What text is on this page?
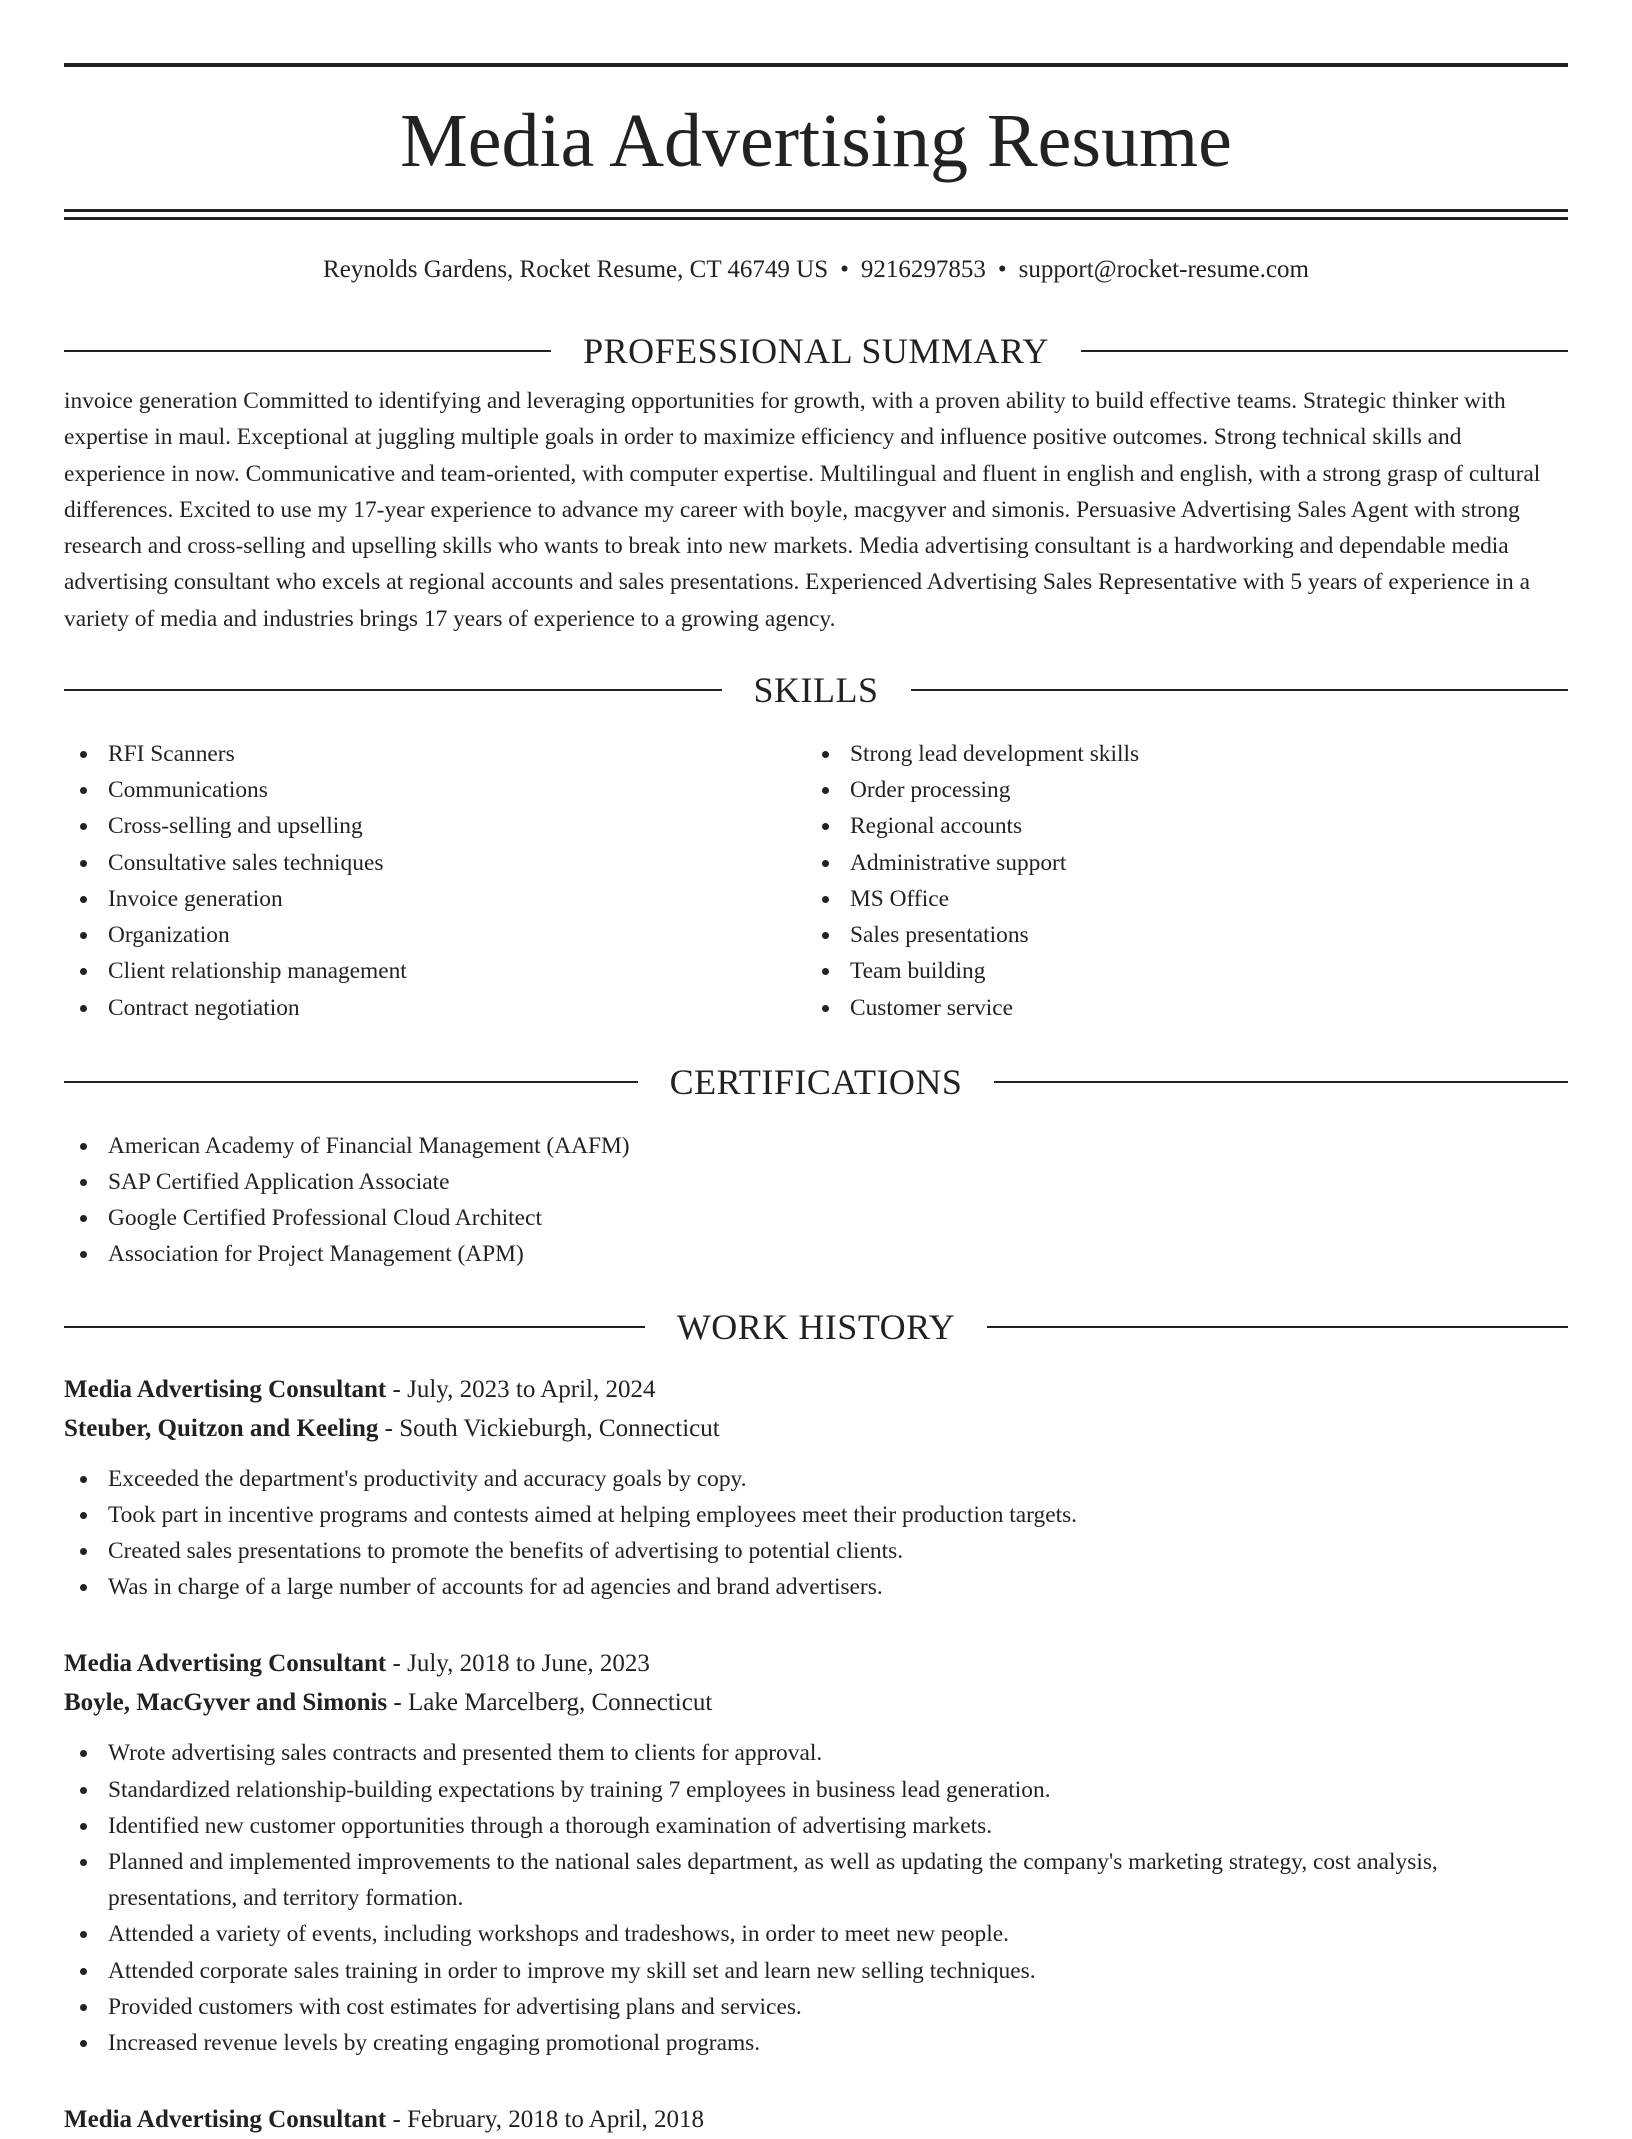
Media Advertising Resume
Reynolds Gardens, Rocket Resume, CT 46749 US • 9216297853 • support@rocket-resume.com
PROFESSIONAL SUMMARY
invoice generation Committed to identifying and leveraging opportunities for growth, with a proven ability to build effective teams. Strategic thinker with expertise in maul. Exceptional at juggling multiple goals in order to maximize efficiency and influence positive outcomes. Strong technical skills and experience in now. Communicative and team-oriented, with computer expertise. Multilingual and fluent in english and english, with a strong grasp of cultural differences. Excited to use my 17-year experience to advance my career with boyle, macgyver and simonis. Persuasive Advertising Sales Agent with strong research and cross-selling and upselling skills who wants to break into new markets. Media advertising consultant is a hardworking and dependable media advertising consultant who excels at regional accounts and sales presentations. Experienced Advertising Sales Representative with 5 years of experience in a variety of media and industries brings 17 years of experience to a growing agency.
SKILLS
RFI Scanners
Communications
Cross-selling and upselling
Consultative sales techniques
Invoice generation
Organization
Client relationship management
Contract negotiation
Strong lead development skills
Order processing
Regional accounts
Administrative support
MS Office
Sales presentations
Team building
Customer service
CERTIFICATIONS
American Academy of Financial Management (AAFM)
SAP Certified Application Associate
Google Certified Professional Cloud Architect
Association for Project Management (APM)
WORK HISTORY
Media Advertising Consultant - July, 2023 to April, 2024
Steuber, Quitzon and Keeling - South Vickieburgh, Connecticut
Exceeded the department's productivity and accuracy goals by copy.
Took part in incentive programs and contests aimed at helping employees meet their production targets.
Created sales presentations to promote the benefits of advertising to potential clients.
Was in charge of a large number of accounts for ad agencies and brand advertisers.
Media Advertising Consultant - July, 2018 to June, 2023
Boyle, MacGyver and Simonis - Lake Marcelberg, Connecticut
Wrote advertising sales contracts and presented them to clients for approval.
Standardized relationship-building expectations by training 7 employees in business lead generation.
Identified new customer opportunities through a thorough examination of advertising markets.
Planned and implemented improvements to the national sales department, as well as updating the company's marketing strategy, cost analysis, presentations, and territory formation.
Attended a variety of events, including workshops and tradeshows, in order to meet new people.
Attended corporate sales training in order to improve my skill set and learn new selling techniques.
Provided customers with cost estimates for advertising plans and services.
Increased revenue levels by creating engaging promotional programs.
Media Advertising Consultant - February, 2018 to April, 2018
